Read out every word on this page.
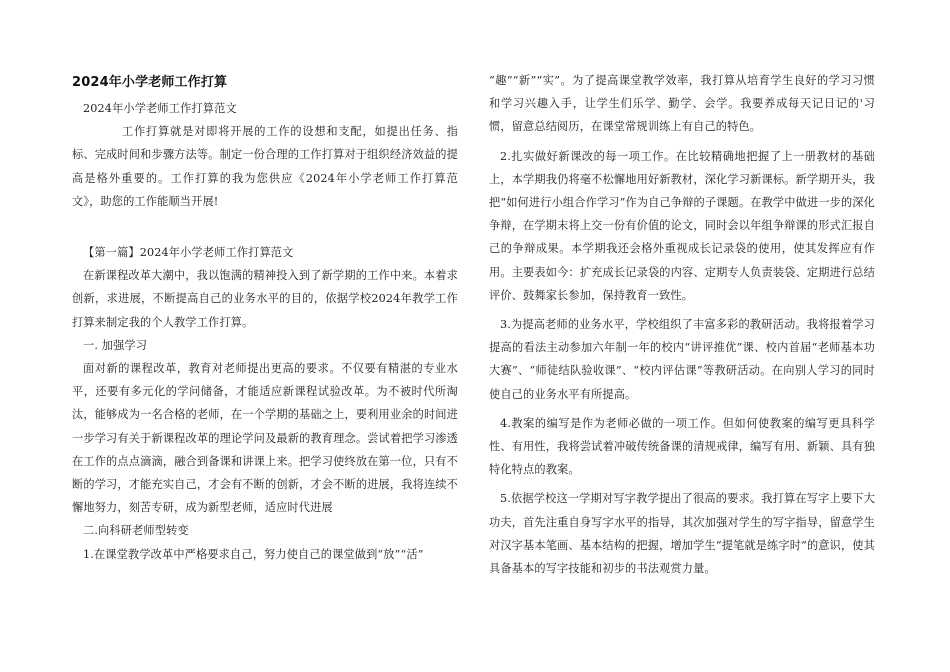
2024年小学老师工作打算

2024年小学老师工作打算范文

工作打算就是对即将开展的工作的设想和支配，如提出任务、指标、完成时间和步骤方法等。制定一份合理的工作打算对于组织经济效益的提高是格外重要的。工作打算的我为您供应《2024年小学老师工作打算范文》，助您的工作能顺当开展!

【第一篇】2024年小学老师工作打算范文

在新课程改革大潮中，我以饱满的精神投入到了新学期的工作中来。本着求创新，求进展，不断提高自己的业务水平的目的，依据学校2024年教学工作打算来制定我的个人教学工作打算。

一. 加强学习

面对新的课程改革，教育对老师提出更高的要求。不仅要有精湛的专业水平，还要有多元化的学问储备，才能适应新课程试验改革。为不被时代所淘汰，能够成为一名合格的老师，在一个学期的基础之上，要利用业余的时间进一步学习有关于新课程改革的理论学问及最新的教育理念。尝试着把学习渗透在工作的点点滴滴，融合到备课和讲课上来。把学习使终放在第一位，只有不断的学习，才能充实自己，才会有不断的创新，才会不断的进展，我将连续不懈地努力，刻苦专研，成为新型老师，适应时代进展

二.向科研老师型转变

1.在课堂教学改革中严格要求自己，努力使自己的课堂做到“放”“活”

“趣”“新”“实”。为了提高课堂教学效率，我打算从培育学生良好的学习习惯和学习兴趣入手，让学生们乐学、勤学、会学。我要养成每天记日记的'习惯，留意总结阅历，在课堂常规训练上有自己的特色。

2.扎实做好新课改的每一项工作。在比较精确地把握了上一册教材的基础上，本学期我仍将毫不松懈地用好新教材，深化学习新课标。新学期开头，我把“如何进行小组合作学习”作为自己争辩的子课题。在教学中做进一步的深化争辩，在学期末将上交一份有价值的论文，同时会以年组争辩课的形式汇报自己的争辩成果。本学期我还会格外重视成长记录袋的使用，使其发挥应有作用。主要表如今：扩充成长记录袋的内容、定期专人负责装袋、定期进行总结评价、鼓舞家长参加，保持教育一致性。

3.为提高老师的业务水平，学校组织了丰富多彩的教研活动。我将报着学习提高的看法主动参加六年制一年的校内“讲评推优”课、校内首届“老师基本功大赛”、“师徒结队验收课”、“校内评估课”等教研活动。在向别人学习的同时使自己的业务水平有所提高。

4.教案的编写是作为老师必做的一项工作。但如何使教案的编写更具科学性、有用性，我将尝试着冲破传统备课的清规戒律，编写有用、新颖、具有独特化特点的教案。

5.依据学校这一学期对写字教学提出了很高的要求。我打算在写字上要下大功夫，首先注重自身写字水平的指导，其次加强对学生的写字指导，留意学生对汉字基本笔画、基本结构的把握，增加学生“提笔就是练字时”的意识，使其具备基本的写字技能和初步的书法观赏力量。
